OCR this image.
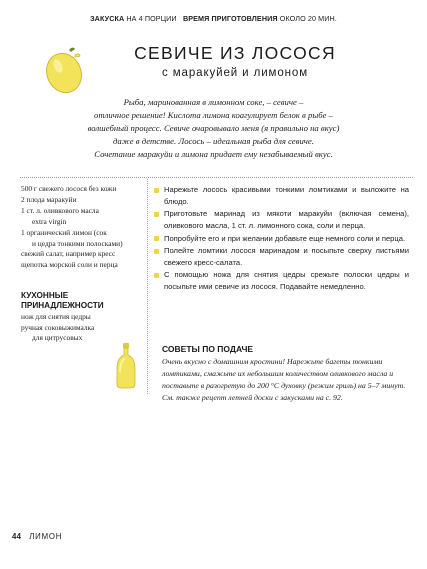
ЗАКУСКА НА 4 ПОРЦИИ ВРЕМЯ ПРИГОТОВЛЕНИЯ ОКОЛО 20 МИН.
СЕВИЧЕ ИЗ ЛОСОСЯ
с маракуйей и лимоном

Рыба, маринованная в лимонном соке, – севиче –

отличное решение! Кислота лимона коагулирует белок в рыбе –

волшебный процесс. Севиче очаровывало меня (я правильно на вкус)

даже в детстве. Лосось – идеальная рыба для севиче.

Сочетание маракуйи и лимона придает ему незабываемый вкус.

500 г свежего лосося без кожи
2 плода маракуйи
1 ст. л. оливкового масла
extra virgin
1 органический лимон (сок
и цедра тонкими полосками)
свежий салат, например кресс
щепотка морской соли и перца
КУХОННЫЕ ПРИНАДЛЕЖНОСТИ
нож для снятия цедры
ручная соковыжималка
для цитрусовых
Нарежьте лосось красивыми тонкими ломтиками и выложите на блюдо.
Приготовьте маринад из мякоти маракуйи (включая семена), оливкового масла, 1 ст. л. лимонного сока, соли и перца.
Попробуйте его и при желании добавьте еще немного соли и перца.
Полейте ломтики лосося маринадом и посыпьте сверху листьями свежего кресс-салата.
С помощью ножа для снятия цедры срежьте полоски цедры и посыпьте ими севиче из лосося. Подавайте немедленно.
СОВЕТЫ ПО ПОДАЧЕ
Очень вкусно с домашним кростини! Нарежьте багеты тонкими ломтиками, смажьте их небольшим количеством оливкового масла и поставьте в разогретую до 200 °С духовку (режим гриль) на 5–7 минут. См. также рецепт летней доски с закусками на с. 92.
44 ЛИМОН
